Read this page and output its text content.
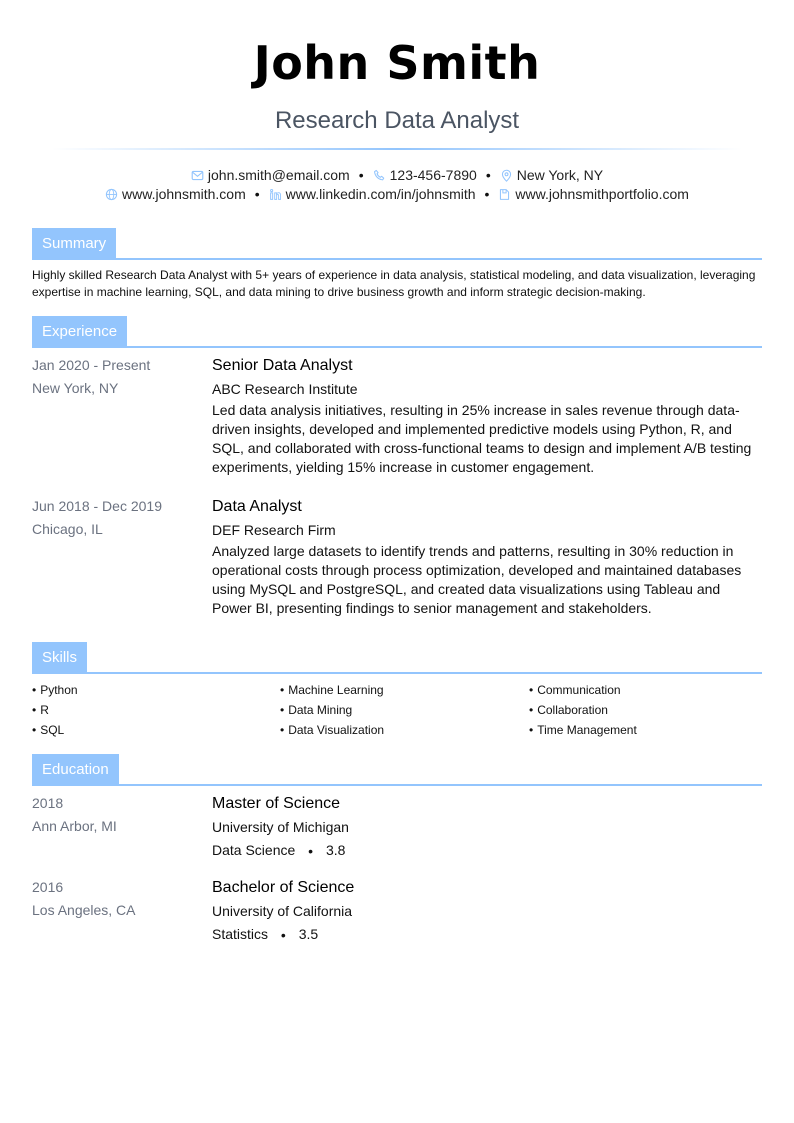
John Smith
Research Data Analyst
john.smith@email.com • 123-456-7890 • New York, NY
www.johnsmith.com • www.linkedin.com/in/johnsmith • www.johnsmithportfolio.com
Summary
Highly skilled Research Data Analyst with 5+ years of experience in data analysis, statistical modeling, and data visualization, leveraging expertise in machine learning, SQL, and data mining to drive business growth and inform strategic decision-making.
Experience
Jan 2020 - Present
New York, NY
Senior Data Analyst
ABC Research Institute
Led data analysis initiatives, resulting in 25% increase in sales revenue through data-driven insights, developed and implemented predictive models using Python, R, and SQL, and collaborated with cross-functional teams to design and implement A/B testing experiments, yielding 15% increase in customer engagement.
Jun 2018 - Dec 2019
Chicago, IL
Data Analyst
DEF Research Firm
Analyzed large datasets to identify trends and patterns, resulting in 30% reduction in operational costs through process optimization, developed and maintained databases using MySQL and PostgreSQL, and created data visualizations using Tableau and Power BI, presenting findings to senior management and stakeholders.
Skills
• Python
• R
• SQL
• Machine Learning
• Data Mining
• Data Visualization
• Communication
• Collaboration
• Time Management
Education
2018
Ann Arbor, MI
Master of Science
University of Michigan
Data Science • 3.8
2016
Los Angeles, CA
Bachelor of Science
University of California
Statistics • 3.5
